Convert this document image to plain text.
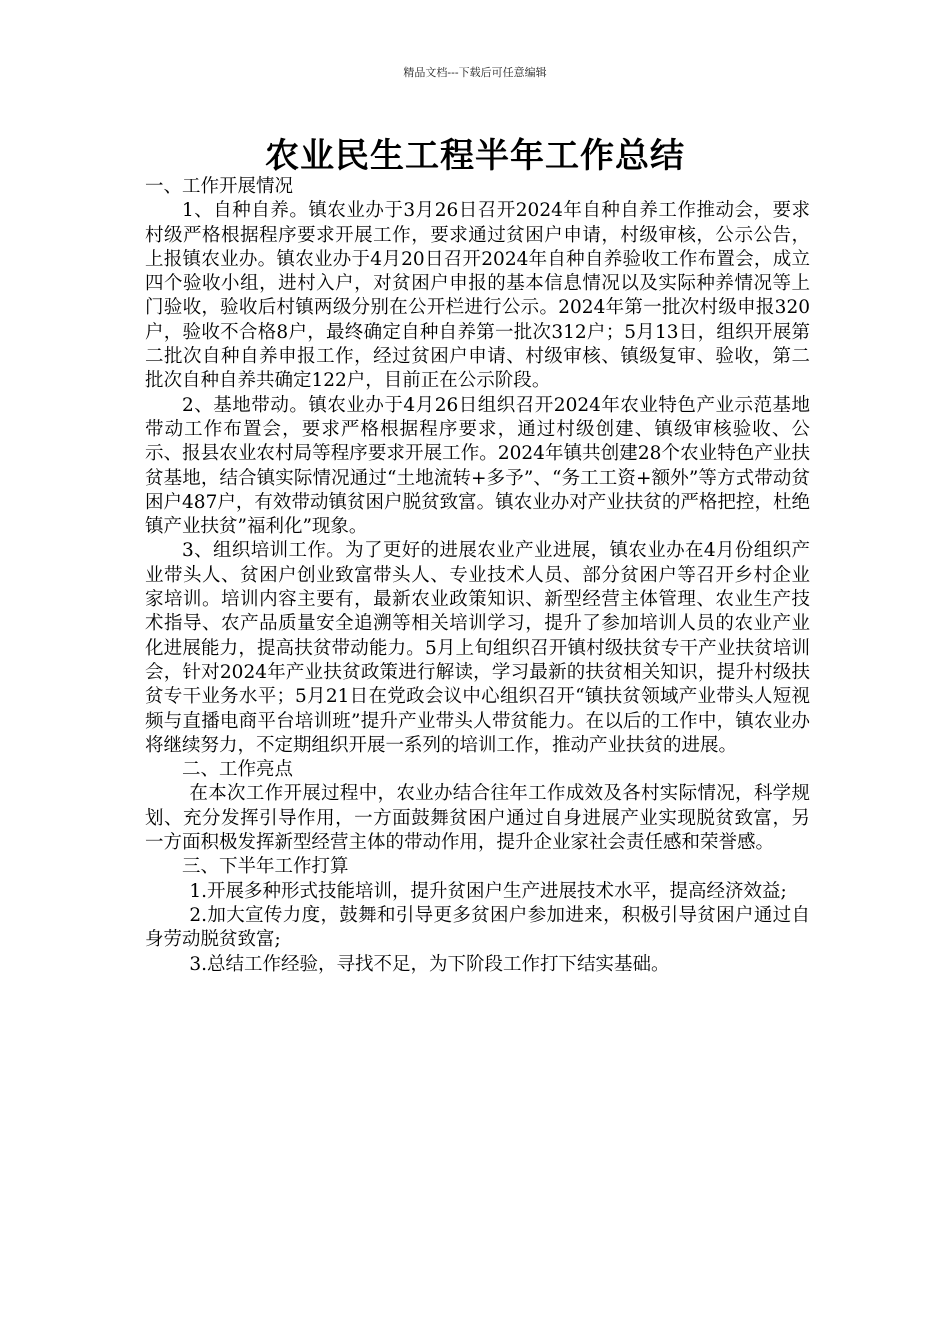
精品文档---下载后可任意编辑
农业民生工程半年工作总结

一、工作开展情况

1、自种自养。镇农业办于3月26日召开2024年自种自养工作推动会，要求村级严格根据程序要求开展工作，要求通过贫困户申请，村级审核，公示公告，上报镇农业办。镇农业办于4月20日召开2024年自种自养验收工作布置会，成立四个验收小组，进村入户，对贫困户申报的基本信息情况以及实际种养情况等上门验收，验收后村镇两级分别在公开栏进行公示。2024年第一批次村级申报320户，验收不合格8户，最终确定自种自养第一批次312户；5月13日，组织开展第二批次自种自养申报工作，经过贫困户申请、村级审核、镇级复审、验收，第二批次自种自养共确定122户，目前正在公示阶段。

2、基地带动。镇农业办于4月26日组织召开2024年农业特色产业示范基地带动工作布置会，要求严格根据程序要求，通过村级创建、镇级审核验收、公示、报县农业农村局等程序要求开展工作。2024年镇共创建28个农业特色产业扶贫基地，结合镇实际情况通过“土地流转+多予”、“务工工资+额外”等方式带动贫困户487户，有效带动镇贫困户脱贫致富。镇农业办对产业扶贫的严格把控，杜绝镇产业扶贫”福利化”现象。

3、组织培训工作。为了更好的进展农业产业进展，镇农业办在4月份组织产业带头人、贫困户创业致富带头人、专业技术人员、部分贫困户等召开乡村企业家培训。培训内容主要有，最新农业政策知识、新型经营主体管理、农业生产技术指导、农产品质量安全追溯等相关培训学习，提升了参加培训人员的农业产业化进展能力，提高扶贫带动能力。5月上旬组织召开镇村级扶贫专干产业扶贫培训会，针对2024年产业扶贫政策进行解读，学习最新的扶贫相关知识，提升村级扶贫专干业务水平；5月21日在党政会议中心组织召开“镇扶贫领域产业带头人短视频与直播电商平台培训班”提升产业带头人带贫能力。在以后的工作中，镇农业办将继续努力，不定期组织开展一系列的培训工作，推动产业扶贫的进展。

二、工作亮点

在本次工作开展过程中，农业办结合往年工作成效及各村实际情况，科学规划、充分发挥引导作用，一方面鼓舞贫困户通过自身进展产业实现脱贫致富，另一方面积极发挥新型经营主体的带动作用，提升企业家社会责任感和荣誉感。

三、下半年工作打算

1.开展多种形式技能培训，提升贫困户生产进展技术水平，提高经济效益;

2.加大宣传力度，鼓舞和引导更多贫困户参加进来，积极引导贫困户通过自身劳动脱贫致富;

3.总结工作经验，寻找不足，为下阶段工作打下结实基础。
